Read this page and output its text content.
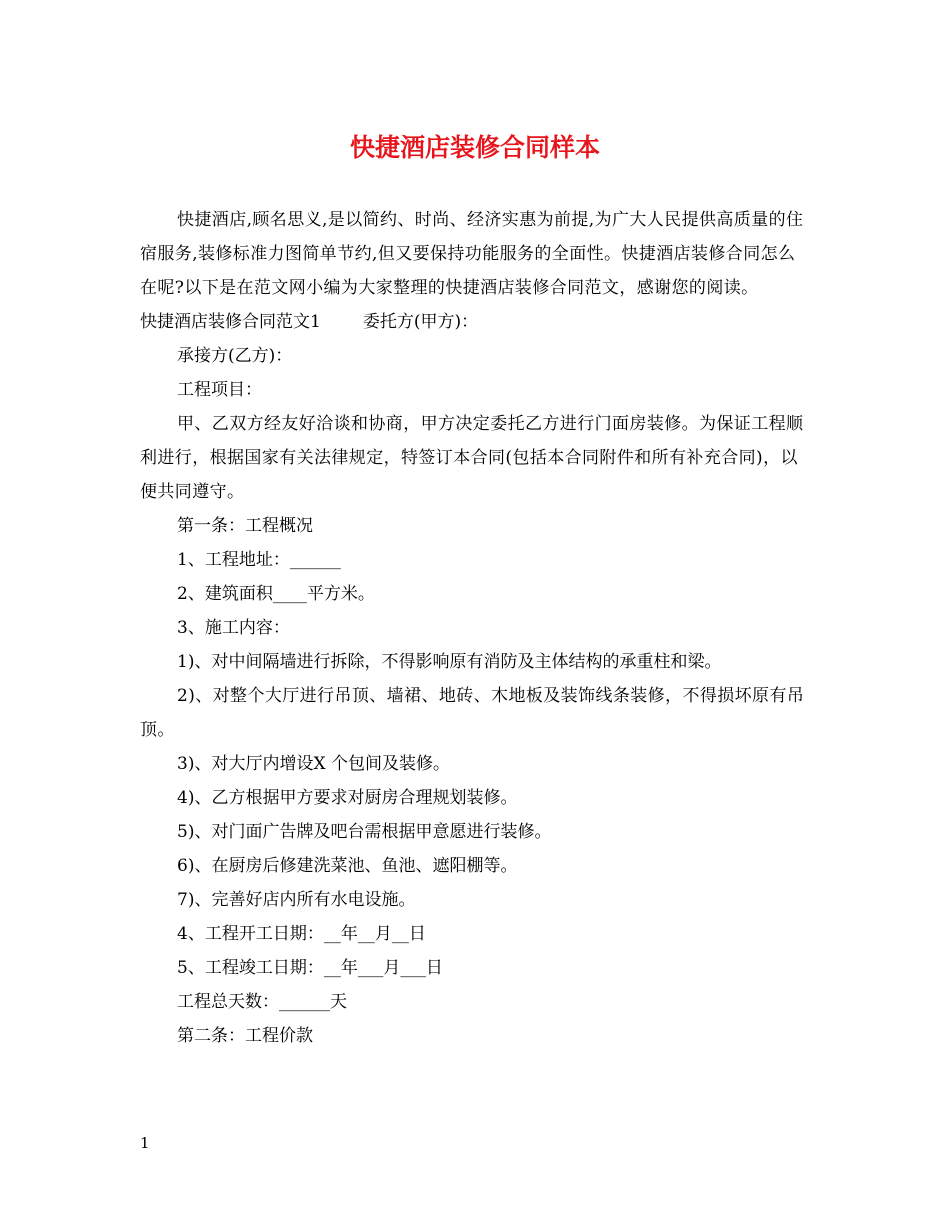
快捷酒店装修合同样本

快捷酒店,顾名思义,是以简约、时尚、经济实惠为前提,为广大人民提供高质量的住宿服务,装修标准力图简单节约,但又要保持功能服务的全面性。快捷酒店装修合同怎么在呢?以下是在范文网小编为大家整理的快捷酒店装修合同范文，感谢您的阅读。

快捷酒店装修合同范文1 委托方(甲方)：

承接方(乙方)：

工程项目：

甲、乙双方经友好洽谈和协商，甲方决定委托乙方进行门面房装修。为保证工程顺利进行，根据国家有关法律规定，特签订本合同(包括本合同附件和所有补充合同)，以便共同遵守。

第一条：工程概况

1、工程地址：______

2、建筑面积____平方米。

3、施工内容：

1)、对中间隔墙进行拆除，不得影响原有消防及主体结构的承重柱和梁。

2)、对整个大厅进行吊顶、墙裙、地砖、木地板及装饰线条装修，不得损坏原有吊顶。

3)、对大厅内增设X 个包间及装修。

4)、乙方根据甲方要求对厨房合理规划装修。

5)、对门面广告牌及吧台需根据甲意愿进行装修。

6)、在厨房后修建洗菜池、鱼池、遮阳棚等。

7)、完善好店内所有水电设施。

4、工程开工日期：__年__月__日

5、工程竣工日期：__年___月___日

工程总天数：______天

第二条：工程价款

1
